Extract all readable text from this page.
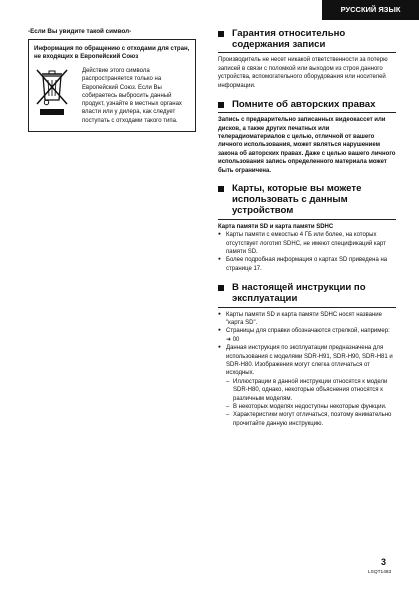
РУССКИЙ ЯЗЫК

-Если Вы увидите такой символ-

Информация по обращению с отходами для стран, не входящих в Европейский Союз
Действие этого символа распространяется только на Европейский Союз. Если Вы собираетесь выбросить данный продукт, узнайте в местных органах власти или у дилера, как следует поступать с отходами такого типа.
Гарантия относительно содержания записи

Производитель не несет никакой ответственности за потерю записей в связи с поломкой или выходом из строя данного устройства, вспомогательного оборудования или носителей информации.

Помните об авторских правах

Запись с предварительно записанных видеокассет или дисков, а также других печатных или телерадиоматериалов с целью, отличной от вашего личного использования, может являться нарушением закона об авторских правах. Даже с целью вашего личного использования запись определенного материала может быть ограничена.

Карты, которые вы можете использовать с данным устройством

Карта памяти SD и карта памяти SDHC

● Карты памяти с емкостью 4 ГБ или более, на которых отсутствует логотип SDHC, не имеют спецификаций карт памяти SD.
● Более подробная информация о картах SD приведена на странице 17.
В настоящей инструкции по эксплуатации
● Карты памяти SD и карта памяти SDHC носят название "карта SD".
● Страницы для справки обозначаются стрелкой, например: ➜ 00
● Данная инструкция по эксплуатации предназначена для использования с моделями SDR-H91, SDR-H90, SDR-H81 и SDR-H80. Изображения могут слегка отличаться от исходных.
– Иллюстрации в данной инструкции относятся к модели SDR-H80, однако, некоторые объяснения относятся к различным моделям.
– В некоторых моделях недоступны некоторые функции.
– Характеристики могут отличаться, поэтому внимательно прочитайте данную инструкцию.
3
LSQT1483
